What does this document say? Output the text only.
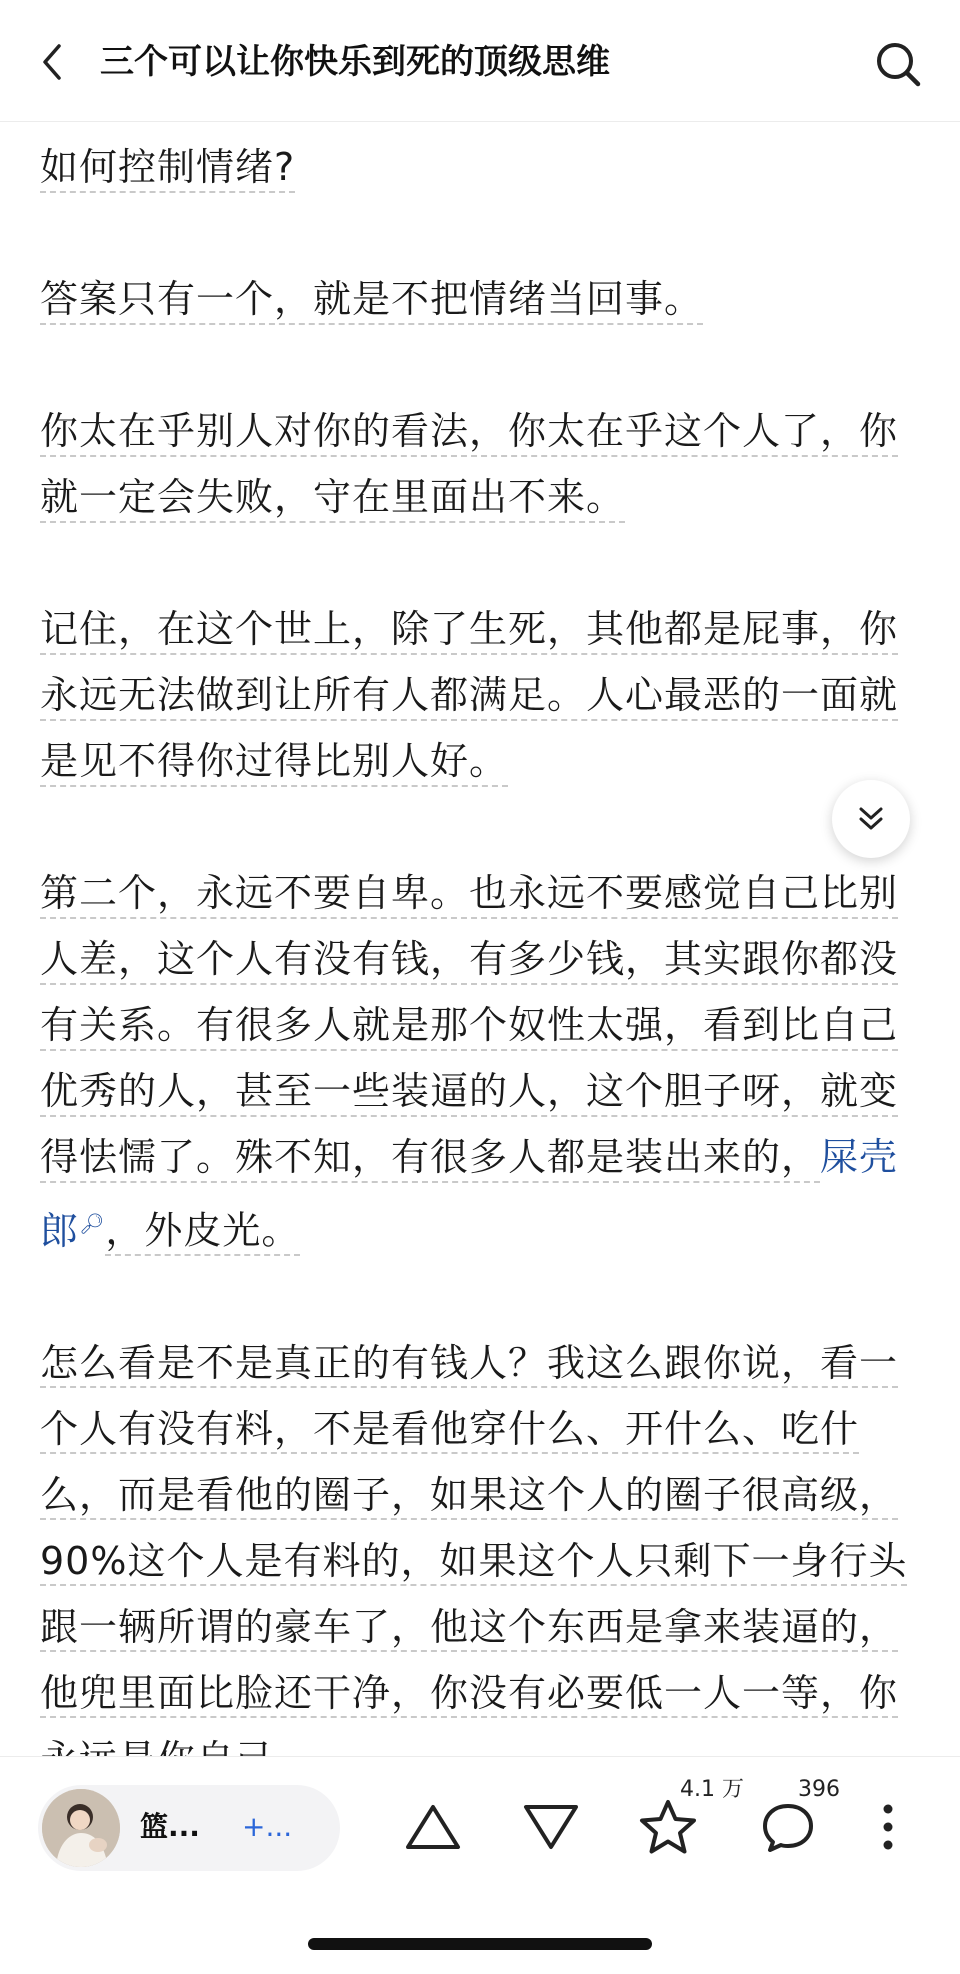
三个可以让你快乐到死的顶级思维

如何控制情绪?

答案只有一个，就是不把情绪当回事。

你太在乎别人对你的看法，你太在乎这个人了，你就一定会失败，守在里面出不来。

记住，在这个世上，除了生死，其他都是屁事，你永远无法做到让所有人都满足。人心最恶的一面就是见不得你过得比别人好。

第二个，永远不要自卑。也永远不要感觉自己比别人差，这个人有没有钱，有多少钱，其实跟你都没有关系。有很多人就是那个奴性太强，看到比自己优秀的人，甚至一些装逼的人，这个胆子呀，就变得怯懦了。殊不知，有很多人都是装出来的，屎壳郎🔎︎，外皮光。

怎么看是不是真正的有钱人？我这么跟你说，看一个人有没有料，不是看他穿什么、开什么、吃什么，而是看他的圈子，如果这个人的圈子很高级，90%这个人是有料的，如果这个人只剩下一身行头跟一辆所谓的豪车了，他这个东西是拿来装逼的，他兜里面比脸还干净，你没有必要低一人一等，你

篮... +...
4.1 万 396
